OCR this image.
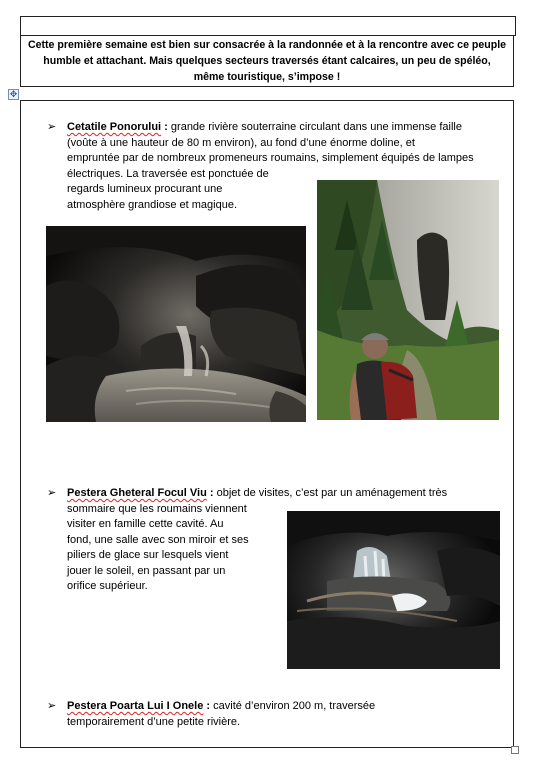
Cette première semaine est bien sur consacrée à la randonnée et à la rencontre avec ce peuple humble et attachant. Mais quelques secteurs traversés étant calcaires, un peu de spéléo, même touristique, s’impose !
✥
➢ Cetatile Ponorului : grande rivière souterraine circulant dans une immense faille
(voûte à une hauteur de 80 m environ), au fond d’une énorme doline, et
empruntée par de nombreux promeneurs roumains, simplement équipés de lampes
électriques. La traversée est ponctuée de
regards lumineux procurant une
atmosphère grandiose et magique.
➢ Pestera Gheteral Focul Viu : objet de visites, c’est par un aménagement très
sommaire que les roumains viennent
visiter en famille cette cavité. Au
fond, une salle avec son miroir et ses
piliers de glace sur lesquels vient
jouer le soleil, en passant par un
orifice supérieur.
➢ Pestera Poarta Lui I Onele : cavité d’environ 200 m, traversée
temporairement d’une petite rivière.
